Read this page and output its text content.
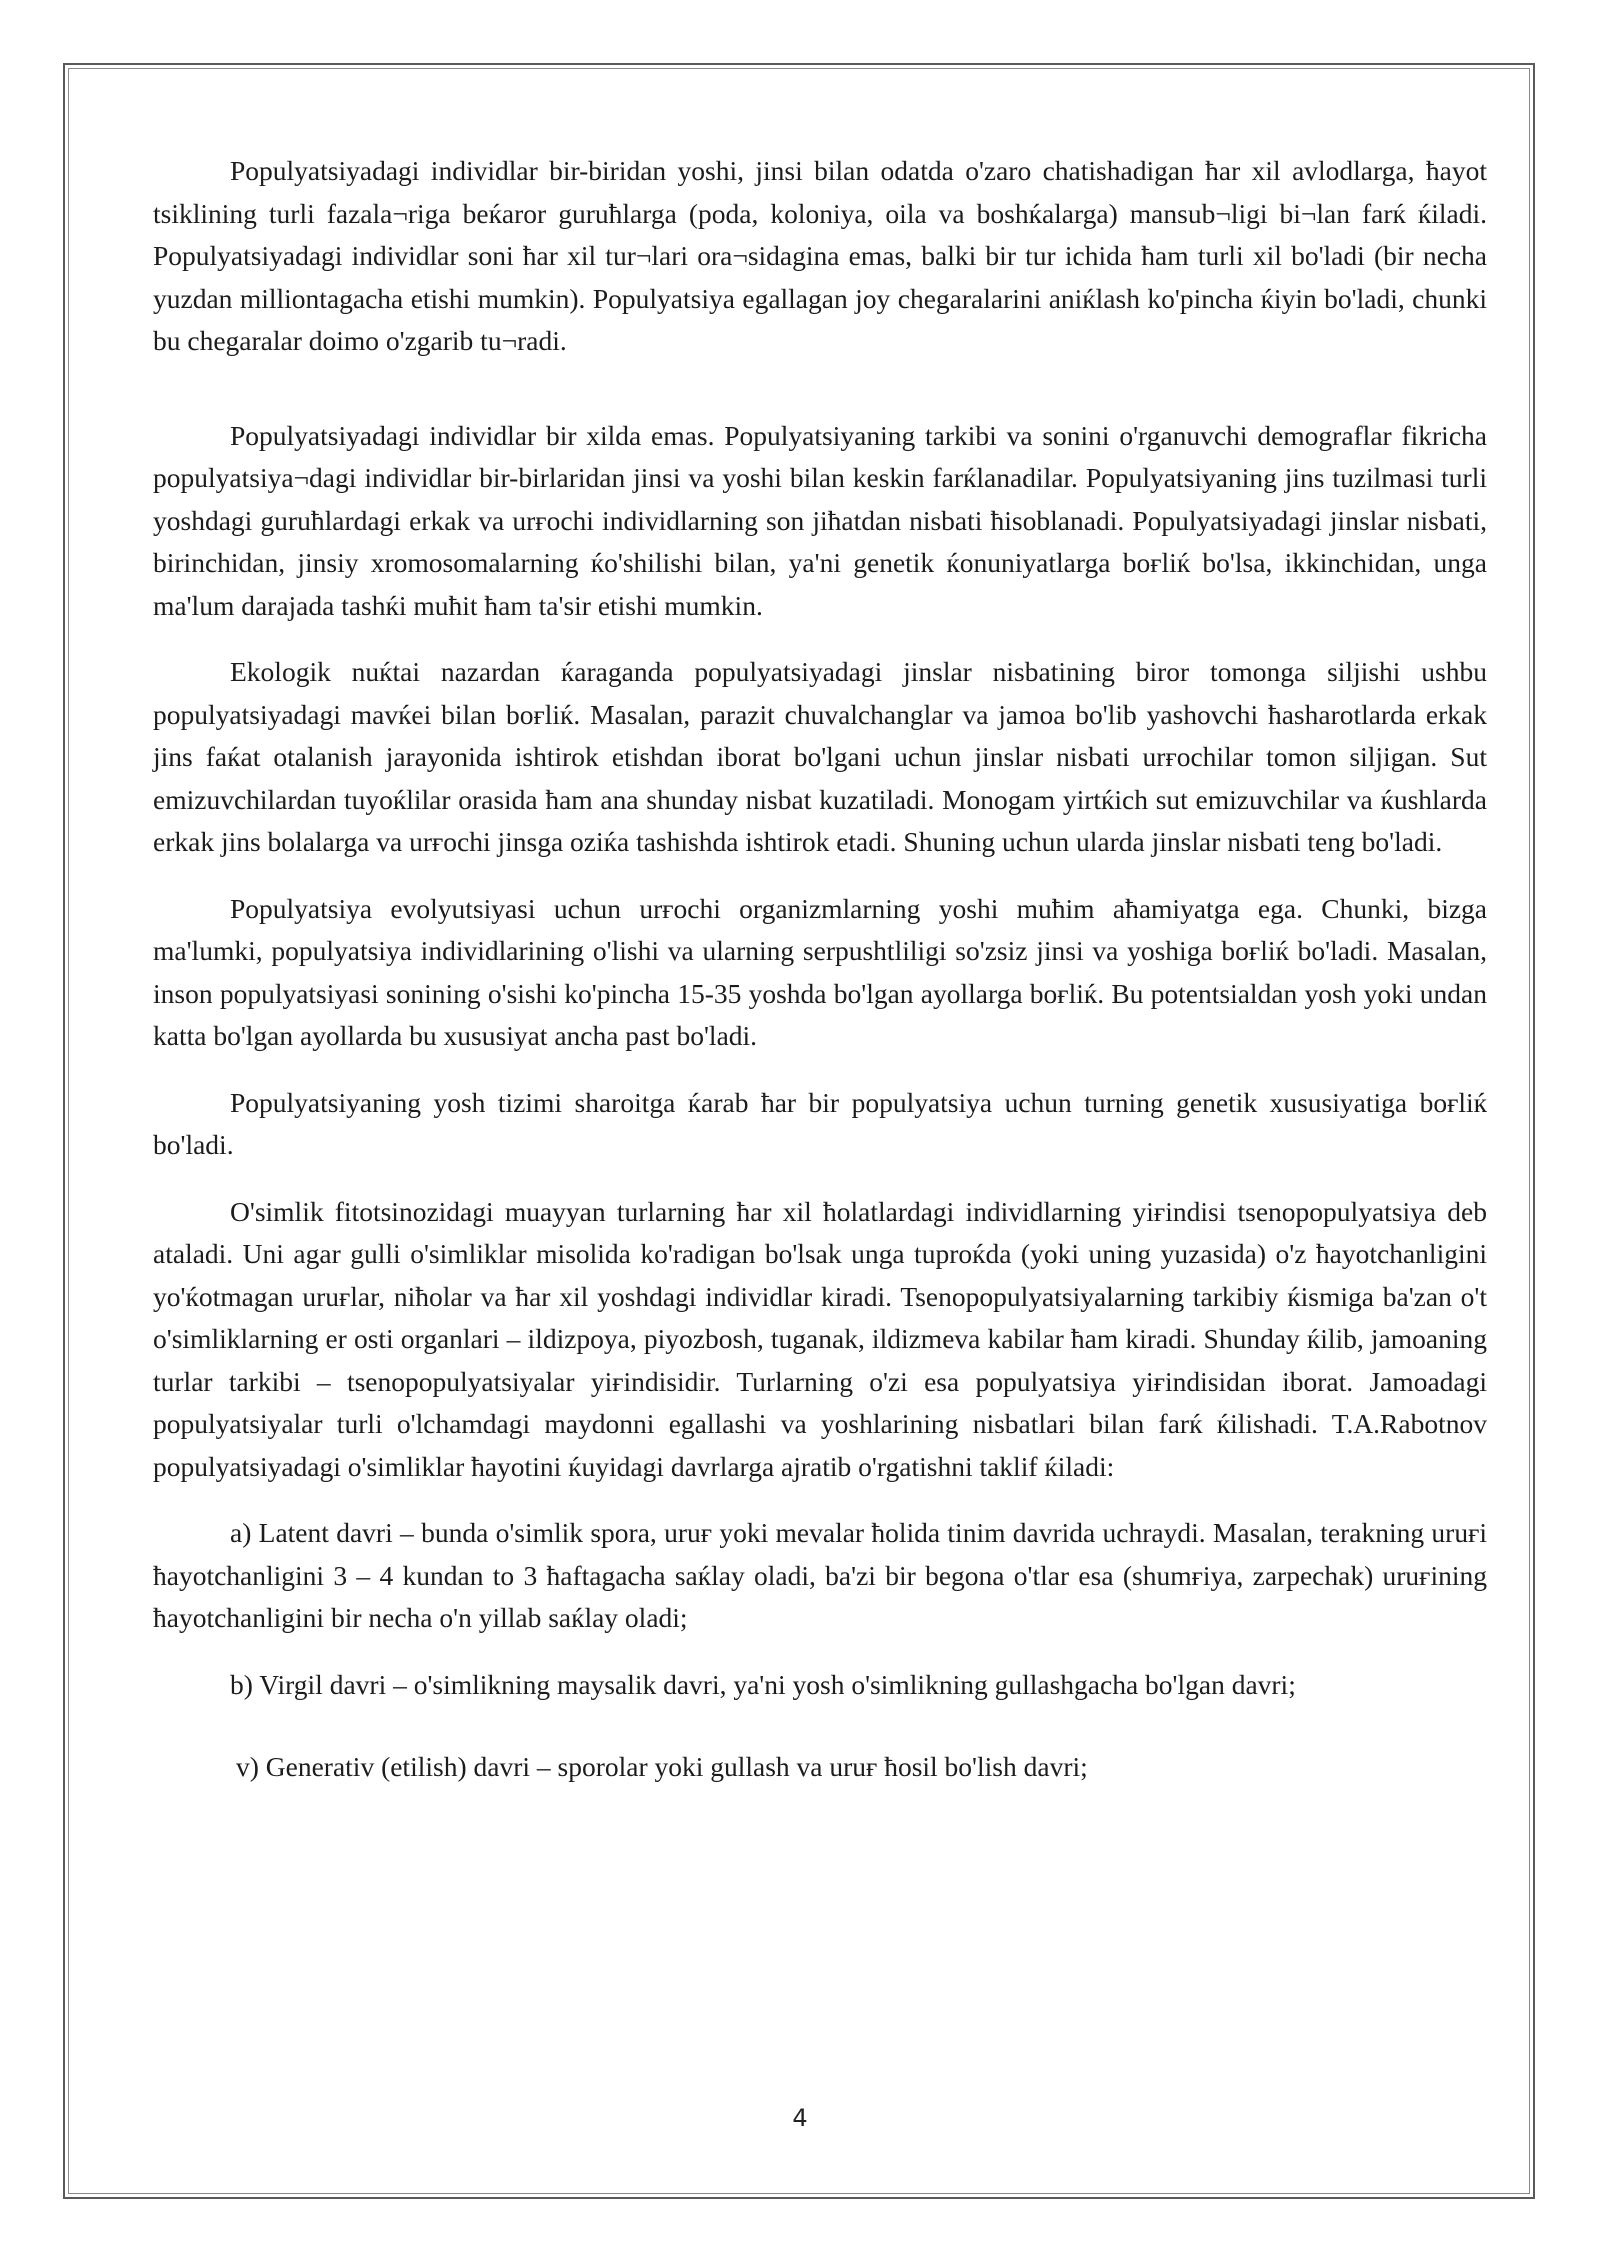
Populyatsiyadagi individlar bir-biridan yoshi, jinsi bilan odatda o'zaro chatishadigan ħar xil avlodlarga, ħayot tsiklining turli fazala¬riga beќaror guruħlarga (poda, koloniya, oila va boshќalarga) mansub¬ligi bi¬lan farќ ќiladi. Populyatsiyadagi individlar soni ħar xil tur¬lari ora¬sidagina emas, balki bir tur ichida ħam turli xil bo'ladi (bir necha yuzdan milliontagacha etishi mumkin). Populyatsiya egallagan joy chegaralarini aniќlash ko'pincha ќiyin bo'ladi, chunki bu chegaralar doimo o'zgarib tu¬radi.

Populyatsiyadagi individlar bir xilda emas. Populyatsiyaning tarkibi va sonini o'rganuvchi demograflar fikricha populyatsiya¬dagi individlar bir-birlaridan jinsi va yoshi bilan keskin farќlanadilar. Populyatsiyaning jins tuzilmasi turli yoshdagi guruħlardagi erkak va urғochi individlarning son jiħatdan nisbati ħisoblanadi. Populyatsiyadagi jinslar nisbati, birinchidan, jinsiy xromosomalarning ќo'shilishi bilan, ya'ni genetik ќonuniyatlarga boғliќ bo'lsa, ikkinchidan, unga ma'lum darajada tashќi muħit ħam ta'sir etishi mumkin.

Ekologik nuќtai nazardan ќaraganda populyatsiyadagi jinslar nisbatining biror tomonga siljishi ushbu populyatsiyadagi mavќei bilan boғliќ. Masalan, parazit chuvalchanglar va jamoa bo'lib yashovchi ħasharotlarda erkak jins faќat otalanish jarayonida ishtirok etishdan iborat bo'lgani uchun jinslar nisbati urғochilar tomon siljigan. Sut emizuvchilardan tuyoќlilar orasida ħam ana shunday nisbat kuzatiladi. Monogam yirtќich sut emizuvchilar va ќushlarda erkak jins bolalarga va urғochi jinsga oziќa tashishda ishtirok etadi. Shuning uchun ularda jinslar nisbati teng bo'ladi.

Populyatsiya evolyutsiyasi uchun urғochi organizmlarning yoshi muħim aħamiyatga ega. Chunki, bizga ma'lumki, populyatsiya individlarining o'lishi va ularning serpushtliligi so'zsiz jinsi va yoshiga boғliќ bo'ladi. Masalan, inson populyatsiyasi sonining o'sishi ko'pincha 15-35 yoshda bo'lgan ayollarga boғliќ. Bu potentsialdan yosh yoki undan katta bo'lgan ayollarda bu xususiyat ancha past bo'ladi.

Populyatsiyaning yosh tizimi sharoitga ќarab ħar bir populyatsiya uchun turning genetik xususiyatiga boғliќ bo'ladi.

O'simlik fitotsinozidagi muayyan turlarning ħar xil ħolatlardagi individlarning yiғindisi tsenopopulyatsiya deb ataladi. Uni agar gulli o'simliklar misolida ko'radigan bo'lsak unga tuproќda (yoki uning yuzasida) o'z ħayotchanligini yo'ќotmagan uruғlar, niħolar va ħar xil yoshdagi individlar kiradi. Tsenopopulyatsiyalarning tarkibiy ќismiga ba'zan o't o'simliklarning er osti organlari – ildizpoya, piyozbosh, tuganak, ildizmeva kabilar ħam kiradi. Shunday ќilib, jamoaning turlar tarkibi – tsenopopulyatsiyalar yiғindisidir. Turlarning o'zi esa populyatsiya yiғindisidan iborat. Jamoadagi populyatsiyalar turli o'lchamdagi maydonni egallashi va yoshlarining nisbatlari bilan farќ ќilishadi. T.A.Rabotnov populyatsiyadagi o'simliklar ħayotini ќuyidagi davrlarga ajratib o'rgatishni taklif ќiladi:

a) Latent davri – bunda o'simlik spora, uruғ yoki mevalar ħolida tinim davrida uchraydi. Masalan, terakning uruғi ħayotchanligini 3 – 4 kundan to 3 ħaftagacha saќlay oladi, ba'zi bir begona o'tlar esa (shumғiya, zarpechak) uruғining ħayotchanligini bir necha o'n yillab saќlay oladi;

b) Virgil davri – o'simlikning maysalik davri, ya'ni yosh o'simlikning gullashgacha bo'lgan davri;

v) Generativ (etilish) davri – sporolar yoki gullash va uruғ ħosil bo'lish davri;

4
